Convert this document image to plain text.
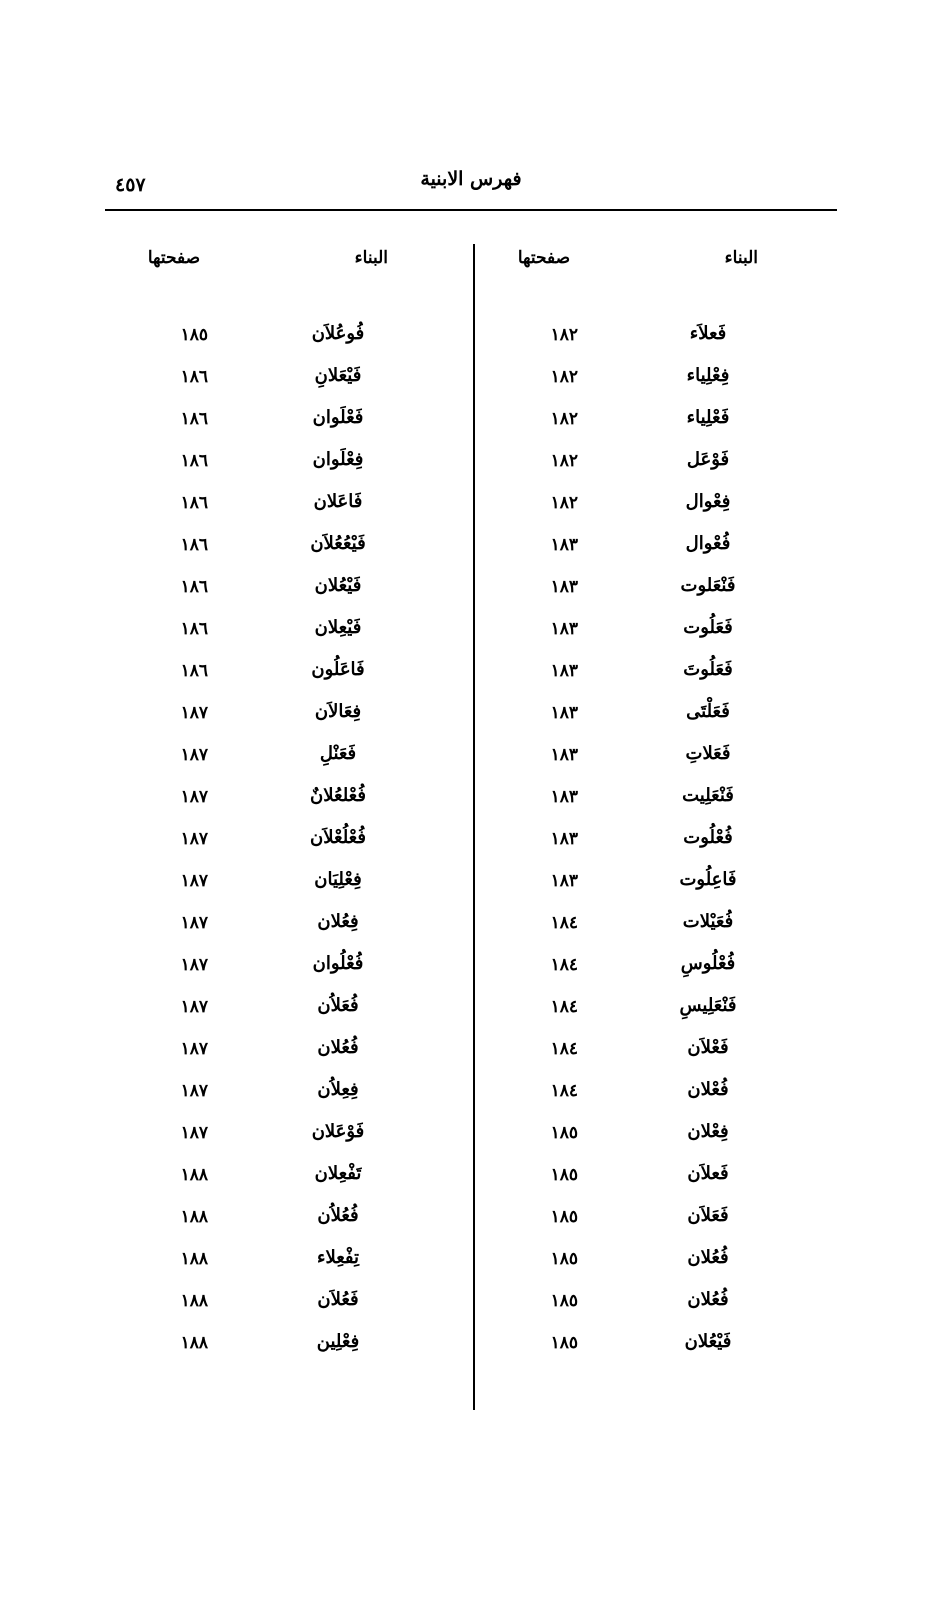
٤٥٧	فهرس الابنية
البناء
صفحتها
فَعلاَء
١٨٢
فِعْلِياء
١٨٢
فَعْلِياء
١٨٢
فَوْعَل
١٨٢
فِعْوال
١٨٢
فُعْوال
١٨٣
فَنْعَلوت
١٨٣
فَعَلُوت
١٨٣
فَعَلُوتَ
١٨٣
فَعَلْتَى
١٨٣
فَعَلاتِ
١٨٣
فَنْعَلِيت
١٨٣
فُعْلُوت
١٨٣
فَاعِلُوت
١٨٣
فُعَيْلات
١٨٤
فُعْلُوسِ
١٨٤
فَنْعَلِيسِ
١٨٤
فَعْلاَن
١٨٤
فُعْلان
١٨٤
فِعْلان
١٨٥
فَعلاَن
١٨٥
فَعَلاَن
١٨٥
فُعُلان
١٨٥
فُعُلان
١٨٥
فَيْعُلان
١٨٥
البناء
صفحتها
فُوعُلاَن
١٨٥
فَيْعَلانِ
١٨٦
فَعْلَوان
١٨٦
فِعْلَوان
١٨٦
فَاعَلان
١٨٦
فَيْعُعُلاَن
١٨٦
فَيْعُلان
١٨٦
فَيْعِلان
١٨٦
فَاعَلُون
١٨٦
فِعَالاَن
١٨٧
فَعَنْلِ
١٨٧
فُعْلعُلانٌ
١٨٧
فُعْلُعْلاَن
١٨٧
فِعْلِيَان
١٨٧
فِعُلان
١٨٧
فُعْلُوان
١٨٧
فُعَلاُن
١٨٧
فُعُلان
١٨٧
فِعِلاُن
١٨٧
فَوْعَلان
١٨٧
تَفْعِلان
١٨٨
فُعُلاُن
١٨٨
تِفْعِلاء
١٨٨
فَعُلاَن
١٨٨
فِعْلِين
١٨٨
